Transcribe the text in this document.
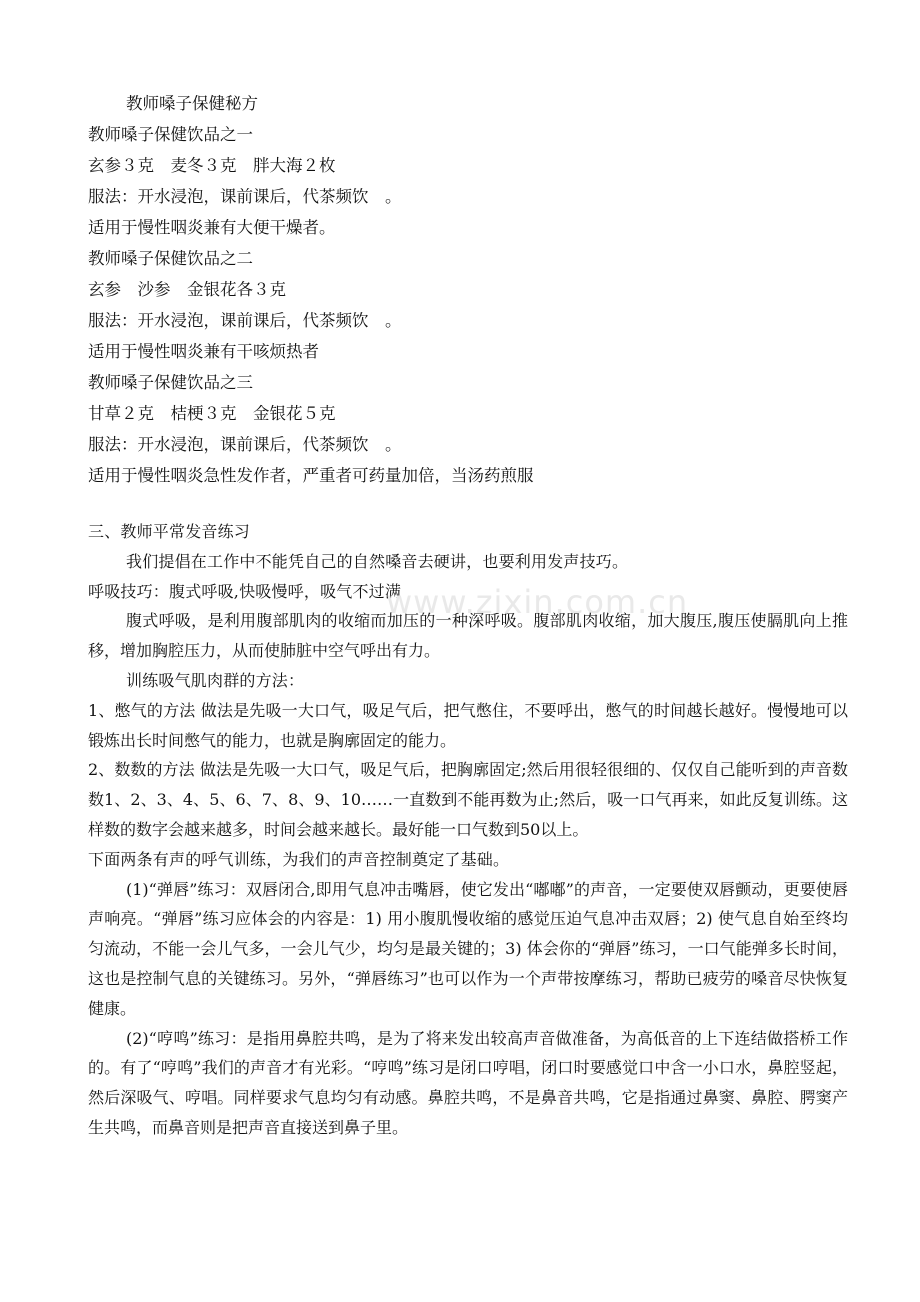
教师嗓子保健秘方
教师嗓子保健饮品之一
玄参３克　麦冬３克　胖大海２枚
服法：开水浸泡，课前课后，代茶频饮　。
适用于慢性咽炎兼有大便干燥者。
教师嗓子保健饮品之二
玄参　沙参　金银花各３克
服法：开水浸泡，课前课后，代茶频饮　。
适用于慢性咽炎兼有干咳烦热者
教师嗓子保健饮品之三
甘草２克　桔梗３克　金银花５克
服法：开水浸泡，课前课后，代茶频饮　。
适用于慢性咽炎急性发作者，严重者可药量加倍，当汤药煎服
三、教师平常发音练习
我们提倡在工作中不能凭自己的自然嗓音去硬讲，也要利用发声技巧。
呼吸技巧：腹式呼吸,快吸慢呼，吸气不过满
腹式呼吸，是利用腹部肌肉的收缩而加压的一种深呼吸。腹部肌肉收缩，加大腹压,腹压使膈肌向上推移，增加胸腔压力，从而使肺脏中空气呼出有力。
训练吸气肌肉群的方法：
1、憋气的方法 做法是先吸一大口气，吸足气后，把气憋住，不要呼出，憋气的时间越长越好。慢慢地可以锻炼出长时间憋气的能力，也就是胸廓固定的能力。
2、数数的方法 做法是先吸一大口气，吸足气后，把胸廓固定;然后用很轻很细的、仅仅自己能听到的声音数数1、2、3、4、5、6、7、8、9、10……一直数到不能再数为止;然后，吸一口气再来，如此反复训练。这样数的数字会越来越多，时间会越来越长。最好能一口气数到50以上。
下面两条有声的呼气训练，为我们的声音控制奠定了基础。
(1)“弹唇”练习：双唇闭合,即用气息冲击嘴唇，使它发出“嘟嘟”的声音，一定要使双唇颤动，更要使唇声响亮。“弹唇”练习应体会的内容是：1) 用小腹肌慢收缩的感觉压迫气息冲击双唇；2) 使气息自始至终均匀流动，不能一会儿气多，一会儿气少，均匀是最关键的；3) 体会你的“弹唇”练习，一口气能弹多长时间，这也是控制气息的关键练习。另外，“弹唇练习”也可以作为一个声带按摩练习，帮助已疲劳的嗓音尽快恢复健康。
(2)“哼鸣”练习：是指用鼻腔共鸣，是为了将来发出较高声音做准备，为高低音的上下连结做搭桥工作的。有了“哼鸣”我们的声音才有光彩。“哼鸣”练习是闭口哼唱，闭口时要感觉口中含一小口水，鼻腔竖起，然后深吸气、哼唱。同样要求气息均匀有动感。鼻腔共鸣，不是鼻音共鸣，它是指通过鼻窦、鼻腔、腭窦产生共鸣，而鼻音则是把声音直接送到鼻子里。
www.zixin.com.cn
